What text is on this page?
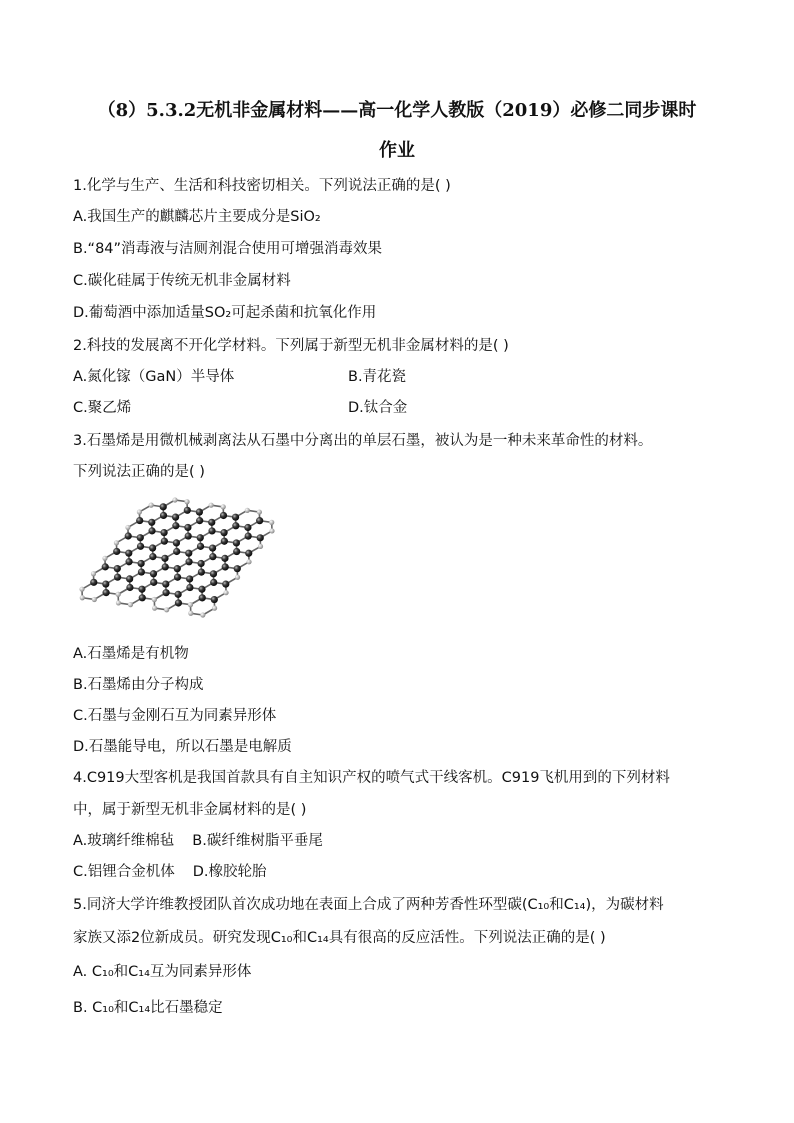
（8）5.3.2无机非金属材料——高一化学人教版（2019）必修二同步课时
作业
1.化学与生产、生活和科技密切相关。下列说法正确的是( )
A.我国生产的麒麟芯片主要成分是SiO₂
B.“84”消毒液与洁厕剂混合使用可增强消毒效果
C.碳化硅属于传统无机非金属材料
D.葡萄酒中添加适量SO₂可起杀菌和抗氧化作用
2.科技的发展离不开化学材料。下列属于新型无机非金属材料的是( )
A.氮化镓（GaN）半导体	B.青花瓷
C.聚乙烯	D.钛合金
3.石墨烯是用微机械剥离法从石墨中分离出的单层石墨，被认为是一种未来革命性的材料。
下列说法正确的是( )
A.石墨烯是有机物
B.石墨烯由分子构成
C.石墨与金刚石互为同素异形体
D.石墨能导电，所以石墨是电解质
4.C919大型客机是我国首款具有自主知识产权的喷气式干线客机。C919飞机用到的下列材料
中，属于新型无机非金属材料的是( )
A.玻璃纤维棉毡 B.碳纤维树脂平垂尾
C.铝锂合金机体 D.橡胶轮胎
5.同济大学许维教授团队首次成功地在表面上合成了两种芳香性环型碳(C₁₀和C₁₄)，为碳材料
家族又添2位新成员。研究发现C₁₀和C₁₄具有很高的反应活性。下列说法正确的是( )
A. C₁₀和C₁₄互为同素异形体
B. C₁₀和C₁₄比石墨稳定
